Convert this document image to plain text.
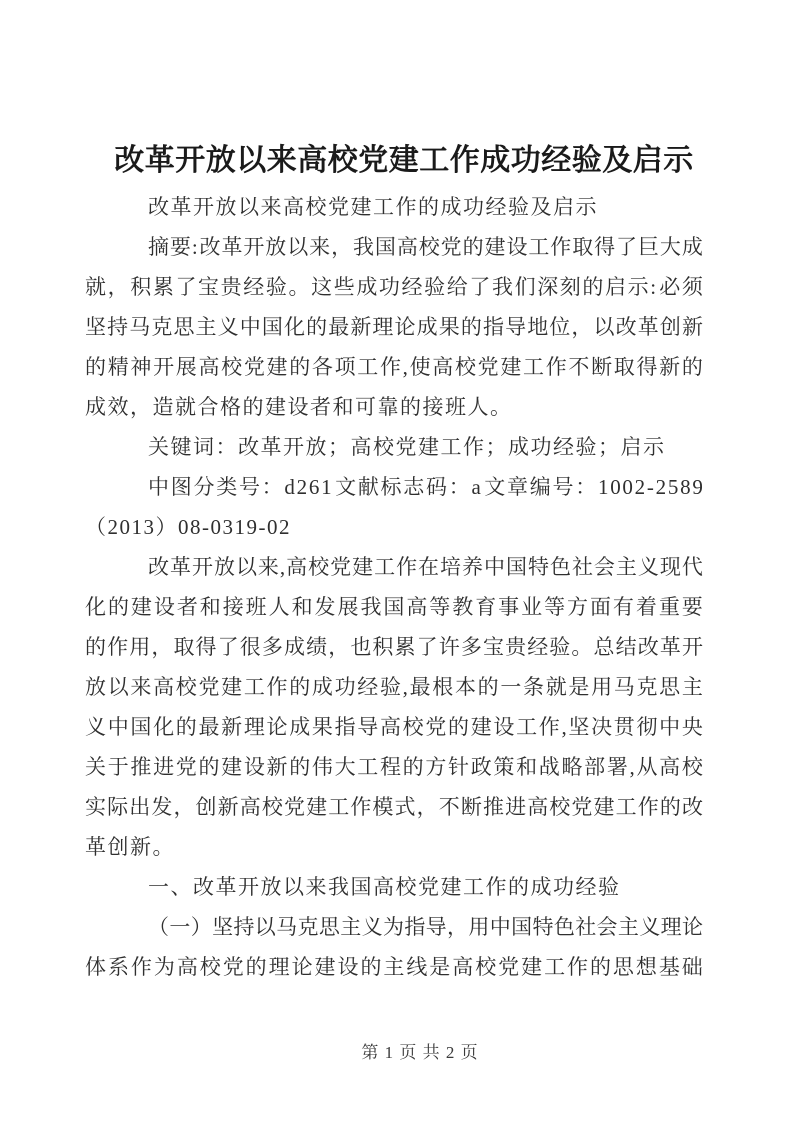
改革开放以来高校党建工作成功经验及启示
改革开放以来高校党建工作的成功经验及启示
摘 要 : 改 革 开 放 以 来 ， 我 国 高 校 党 的 建 设 工 作 取 得 了 巨 大 成
就 ， 积 累 了 宝 贵 经 验 。 这 些 成 功 经 验 给 了 我 们 深 刻 的 启 示 : 必 须
坚 持 马 克 思 主 义 中 国 化 的 最 新 理 论 成 果 的 指 导 地 位 ， 以 改 革 创 新
的 精 神 开 展 高 校 党 建 的 各 项 工 作 , 使 高 校 党 建 工 作 不 断 取 得 新 的
成效，造就合格的建设者和可靠的接班人。
关键词：改革开放；高校党建工作；成功经验；启示
中 图 分 类 号 ： d 2 6 1 文 献 标 志 码 ： a 文 章 编 号 ： 1 0 0 2 - 2 5 8 9
（2013）08-0319-02
改 革 开 放 以 来 , 高 校 党 建 工 作 在 培 养 中 国 特 色 社 会 主 义 现 代
化 的 建 设 者 和 接 班 人 和 发 展 我 国 高 等 教 育 事 业 等 方 面 有 着 重 要
的 作 用 ， 取 得 了 很 多 成 绩 ， 也 积 累 了 许 多 宝 贵 经 验 。 总 结 改 革 开
放 以 来 高 校 党 建 工 作 的 成 功 经 验 , 最 根 本 的 一 条 就 是 用 马 克 思 主
义 中 国 化 的 最 新 理 论 成 果 指 导 高 校 党 的 建 设 工 作 , 坚 决 贯 彻 中 央
关 于 推 进 党 的 建 设 新 的 伟 大 工 程 的 方 针 政 策 和 战 略 部 署 , 从 高 校
实 际 出 发 ， 创 新 高 校 党 建 工 作 模 式 ， 不 断 推 进 高 校 党 建 工 作 的 改
革创新。
一、改革开放以来我国高校党建工作的成功经验
（ 一 ） 坚 持 以 马 克 思 主 义 为 指 导 ， 用 中 国 特 色 社 会 主 义 理 论
体 系 作 为 高 校 党 的 理 论 建 设 的 主 线 是 高 校 党 建 工 作 的 思 想 基 础
第 1 页 共 2 页
